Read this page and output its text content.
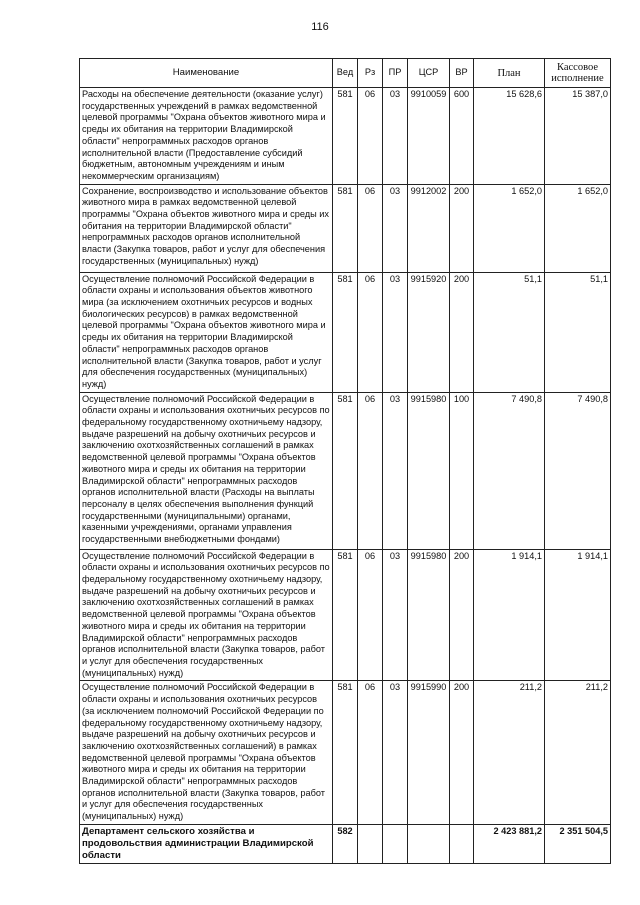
116
Наименование	Вед	Рз	ПР	ЦСР	ВР	План	Кассовое исполнение
Расходы на обеспечение деятельности (оказание услуг) государственных учреждений в рамках ведомственной целевой программы "Охрана объектов животного мира и среды их обитания на территории Владимирской области" непрограммных расходов органов исполнительной власти (Предоставление субсидий бюджетным, автономным учреждениям и иным некоммерческим организациям)	581	06	03	9910059	600	15 628,6	15 387,0
Сохранение, воспроизводство и использование объектов животного мира в рамках ведомственной целевой программы "Охрана объектов животного мира и среды их обитания на территории Владимирской области" непрограммных расходов органов исполнительной власти (Закупка товаров, работ и услуг для обеспечения государственных (муниципальных) нужд)	581	06	03	9912002	200	1 652,0	1 652,0
Осуществление полномочий Российской Федерации в области охраны и использования объектов животного мира (за исключением охотничьих ресурсов и водных биологических ресурсов) в рамках ведомственной целевой программы "Охрана объектов животного мира и среды их обитания на территории Владимирской области" непрограммных расходов органов исполнительной власти (Закупка товаров, работ и услуг для обеспечения государственных (муниципальных) нужд)	581	06	03	9915920	200	51,1	51,1
Осуществление полномочий Российской Федерации в области охраны и использования охотничьих ресурсов по федеральному государственному охотничьему надзору, выдаче разрешений на добычу охотничьих ресурсов и заключению охотхозяйственных соглашений в рамках ведомственной целевой программы "Охрана объектов животного мира и среды их обитания на территории Владимирской области" непрограммных расходов органов исполнительной власти (Расходы на выплаты персоналу в целях обеспечения выполнения функций государственными (муниципальными) органами, казенными учреждениями, органами управления государственными внебюджетными фондами)	581	06	03	9915980	100	7 490,8	7 490,8
Осуществление полномочий Российской Федерации в области охраны и использования охотничьих ресурсов по федеральному государственному охотничьему надзору, выдаче разрешений на добычу охотничьих ресурсов и заключению охотхозяйственных соглашений в рамках ведомственной целевой программы "Охрана объектов животного мира и среды их обитания на территории Владимирской области" непрограммных расходов органов исполнительной власти (Закупка товаров, работ и услуг для обеспечения государственных (муниципальных) нужд)	581	06	03	9915980	200	1 914,1	1 914,1
Осуществление полномочий Российской Федерации в области охраны и использования охотничьих ресурсов (за исключением полномочий Российской Федерации по федеральному государственному охотничьему надзору, выдаче разрешений на добычу охотничьих ресурсов и заключению охотхозяйственных соглашений) в рамках ведомственной целевой программы "Охрана объектов животного мира и среды их обитания на территории Владимирской области" непрограммных расходов органов исполнительной власти (Закупка товаров, работ и услуг для обеспечения государственных (муниципальных) нужд)	581	06	03	9915990	200	211,2	211,2
Департамент сельского хозяйства и продовольствия администрации Владимирской области	582					2 423 881,2	2 351 504,5
